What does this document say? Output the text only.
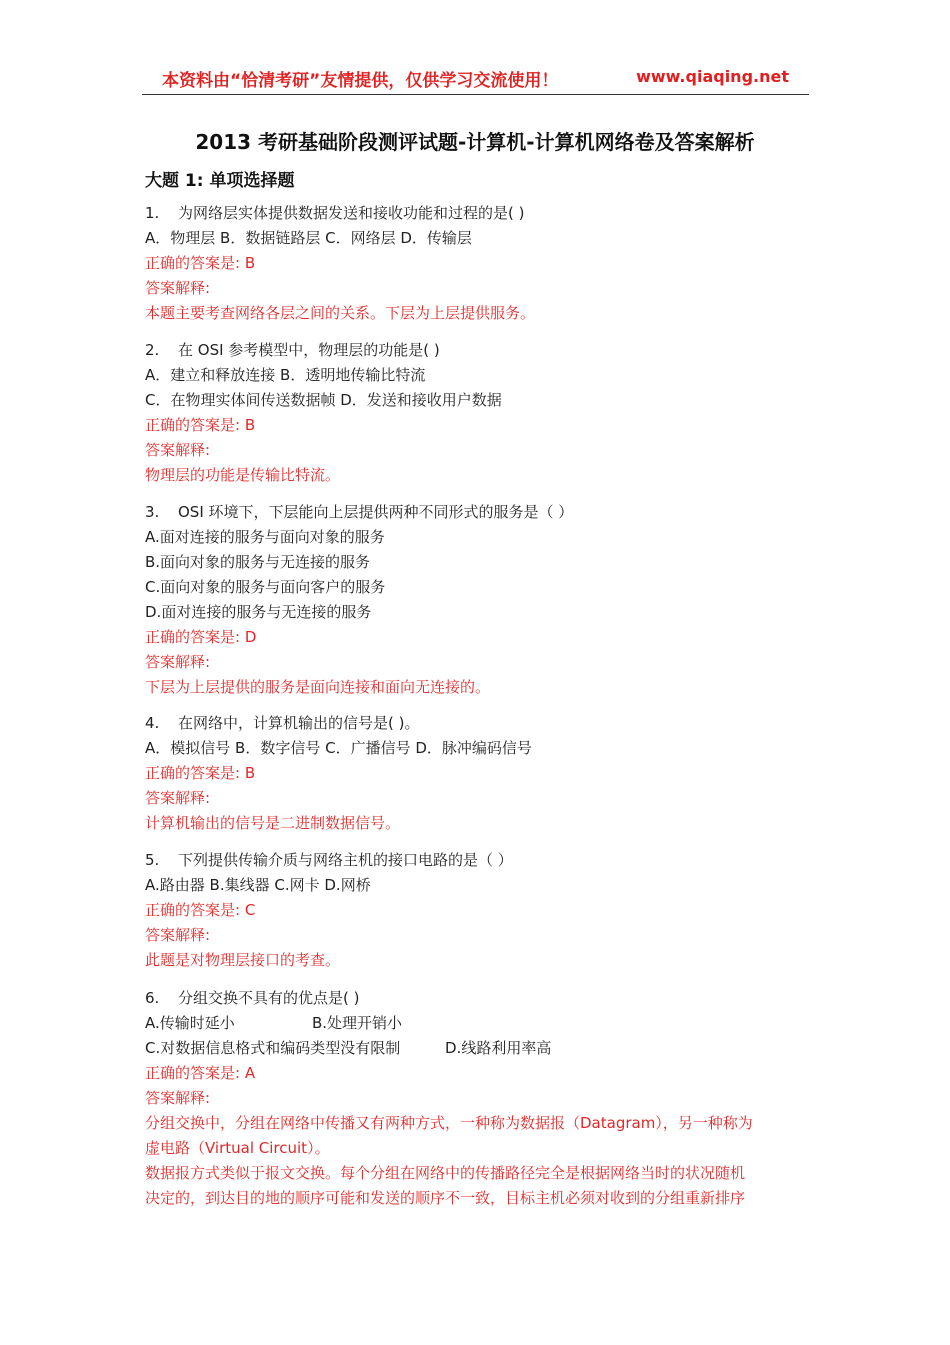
本资料由“恰清考研”友情提供，仅供学习交流使用！	www.qiaqing.net
2013 考研基础阶段测评试题-计算机-计算机网络卷及答案解析
大题 1: 单项选择题
1. 为网络层实体提供数据发送和接收功能和过程的是( )
A．物理层 B．数据链路层 C．网络层 D．传输层
正确的答案是: B
答案解释:
本题主要考查网络各层之间的关系。下层为上层提供服务。
2. 在 OSI 参考模型中，物理层的功能是( )
A．建立和释放连接 B．透明地传输比特流
C．在物理实体间传送数据帧 D．发送和接收用户数据
正确的答案是: B
答案解释:
物理层的功能是传输比特流。
3. OSI 环境下，下层能向上层提供两种不同形式的服务是（ ）
A.面对连接的服务与面向对象的服务
B.面向对象的服务与无连接的服务
C.面向对象的服务与面向客户的服务
D.面对连接的服务与无连接的服务
正确的答案是: D
答案解释:
下层为上层提供的服务是面向连接和面向无连接的。
4. 在网络中，计算机输出的信号是( )。
A．模拟信号 B．数字信号 C．广播信号 D．脉冲编码信号
正确的答案是: B
答案解释:
计算机输出的信号是二进制数据信号。
5. 下列提供传输介质与网络主机的接口电路的是（ ）
A.路由器 B.集线器 C.网卡 D.网桥
正确的答案是: C
答案解释:
此题是对物理层接口的考查。
6. 分组交换不具有的优点是( )
A.传输时延小	B.处理开销小
C.对数据信息格式和编码类型没有限制	D.线路利用率高
正确的答案是: A
答案解释:
分组交换中，分组在网络中传播又有两种方式，一种称为数据报（Datagram），另一种称为
虚电路（Virtual Circuit）。
数据报方式类似于报文交换。每个分组在网络中的传播路径完全是根据网络当时的状况随机
决定的，到达目的地的顺序可能和发送的顺序不一致，目标主机必须对收到的分组重新排序
